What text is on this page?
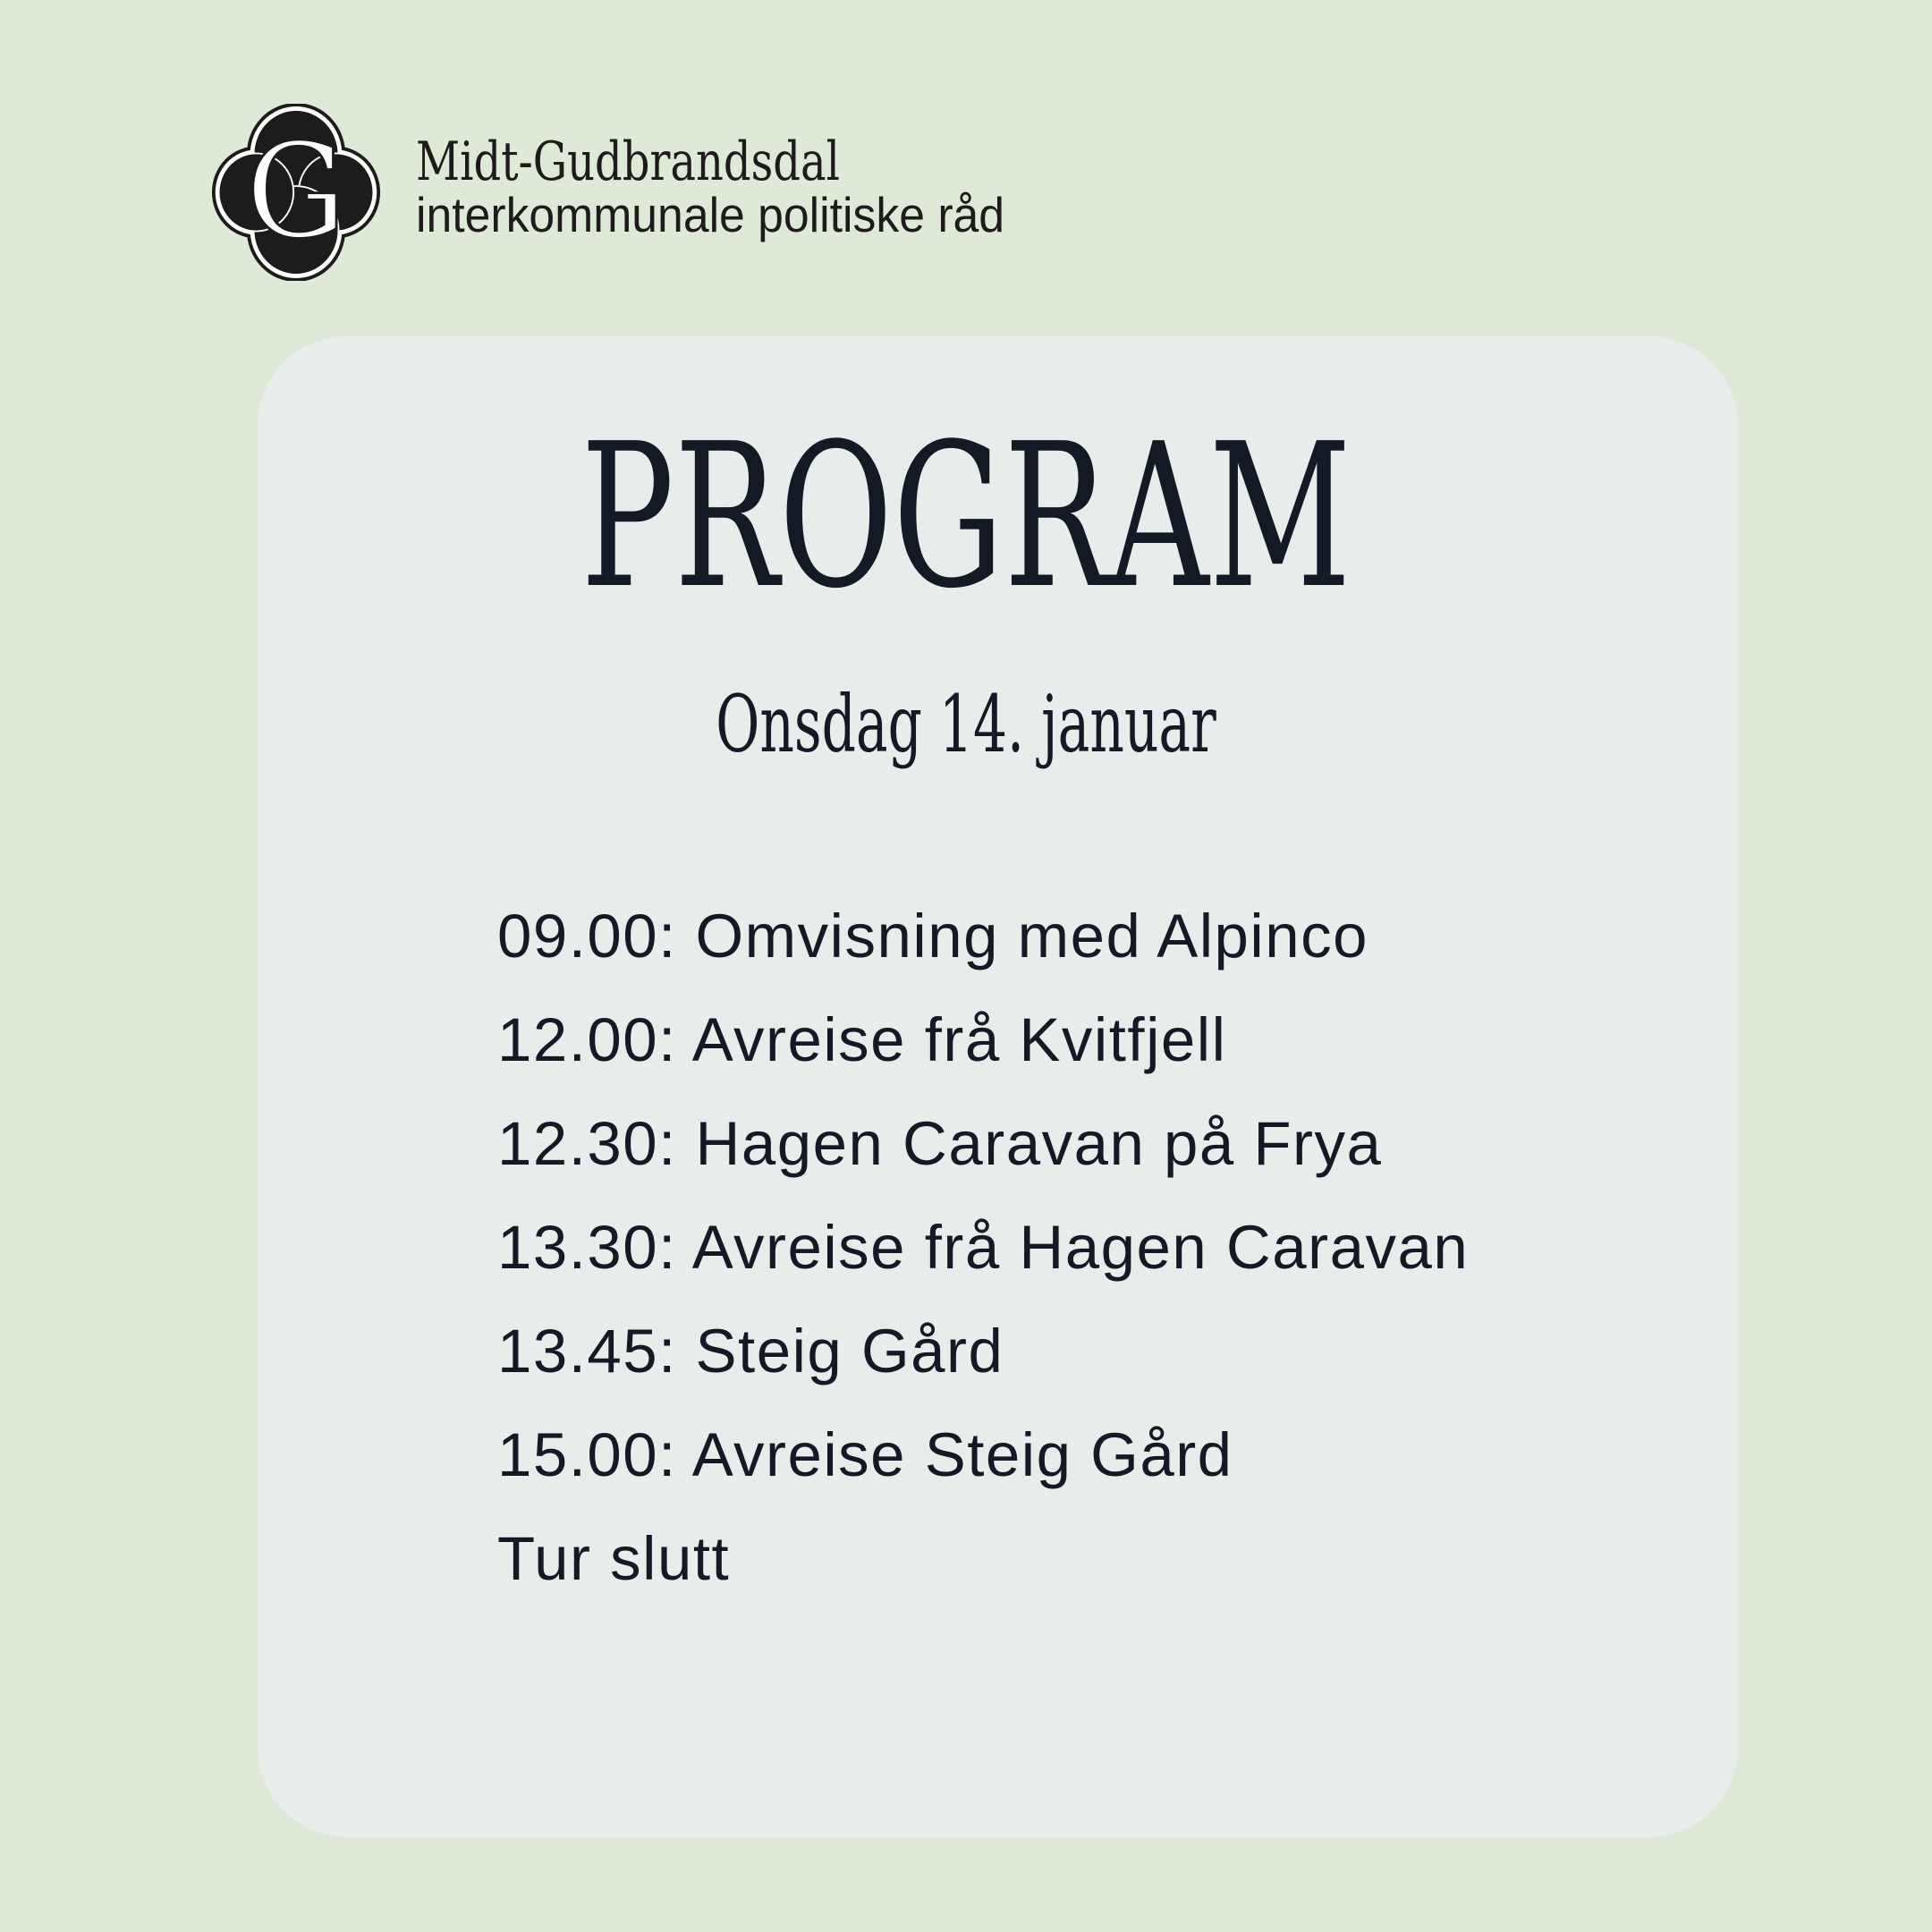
G Midt-Gudbrandsdal
interkommunale politiske råd
PROGRAM
Onsdag 14. januar
09.00: Omvisning med Alpinco
12.00: Avreise frå Kvitfjell
12.30: Hagen Caravan på Frya
13.30: Avreise frå Hagen Caravan
13.45: Steig Gård
15.00: Avreise Steig Gård
Tur slutt
